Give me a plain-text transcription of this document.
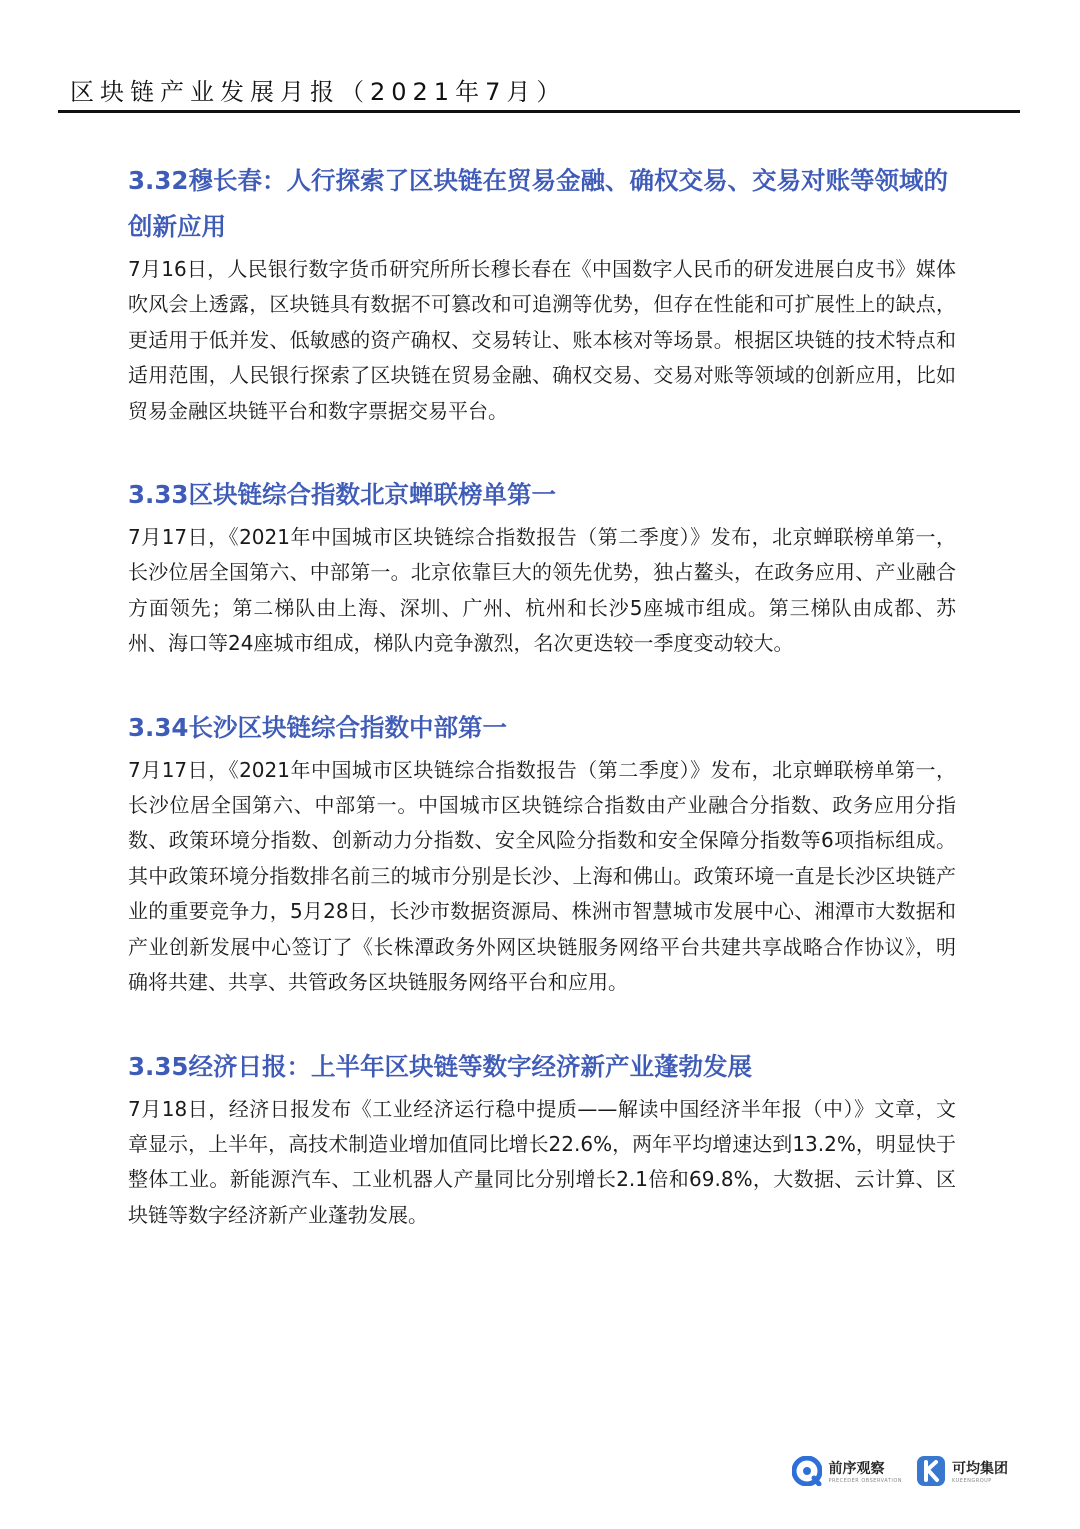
区块链产业发展月报（2021年7月）
3.32穆长春：人行探索了区块链在贸易金融、确权交易、交易对账等领域的创新应用

7月16日，人民银行数字货币研究所所长穆长春在《中国数字人民币的研发进展白皮书》媒体吹风会上透露，区块链具有数据不可篡改和可追溯等优势，但存在性能和可扩展性上的缺点，更适用于低并发、低敏感的资产确权、交易转让、账本核对等场景。根据区块链的技术特点和适用范围，人民银行探索了区块链在贸易金融、确权交易、交易对账等领域的创新应用，比如贸易金融区块链平台和数字票据交易平台。

3.33区块链综合指数北京蝉联榜单第一

7月17日，《2021年中国城市区块链综合指数报告（第二季度）》发布，北京蝉联榜单第一，长沙位居全国第六、中部第一。北京依靠巨大的领先优势，独占鳌头，在政务应用、产业融合方面领先；第二梯队由上海、深圳、广州、杭州和长沙5座城市组成。第三梯队由成都、苏州、海口等24座城市组成，梯队内竞争激烈，名次更迭较一季度变动较大。

3.34长沙区块链综合指数中部第一

7月17日，《2021年中国城市区块链综合指数报告（第二季度）》发布，北京蝉联榜单第一，长沙位居全国第六、中部第一。中国城市区块链综合指数由产业融合分指数、政务应用分指数、政策环境分指数、创新动力分指数、安全风险分指数和安全保障分指数等6项指标组成。其中政策环境分指数排名前三的城市分别是长沙、上海和佛山。政策环境一直是长沙区块链产业的重要竞争力，5月28日，长沙市数据资源局、株洲市智慧城市发展中心、湘潭市大数据和产业创新发展中心签订了《长株潭政务外网区块链服务网络平台共建共享战略合作协议》，明确将共建、共享、共管政务区块链服务网络平台和应用。

3.35经济日报：上半年区块链等数字经济新产业蓬勃发展

7月18日，经济日报发布《工业经济运行稳中提质——解读中国经济半年报（中）》文章，文章显示，上半年，高技术制造业增加值同比增长22.6%，两年平均增速达到13.2%，明显快于整体工业。新能源汽车、工业机器人产量同比分别增长2.1倍和69.8%，大数据、云计算、区块链等数字经济新产业蓬勃发展。

前序观察
PRECEDER OBSERVATION
可均集团
KUEENGROUP
